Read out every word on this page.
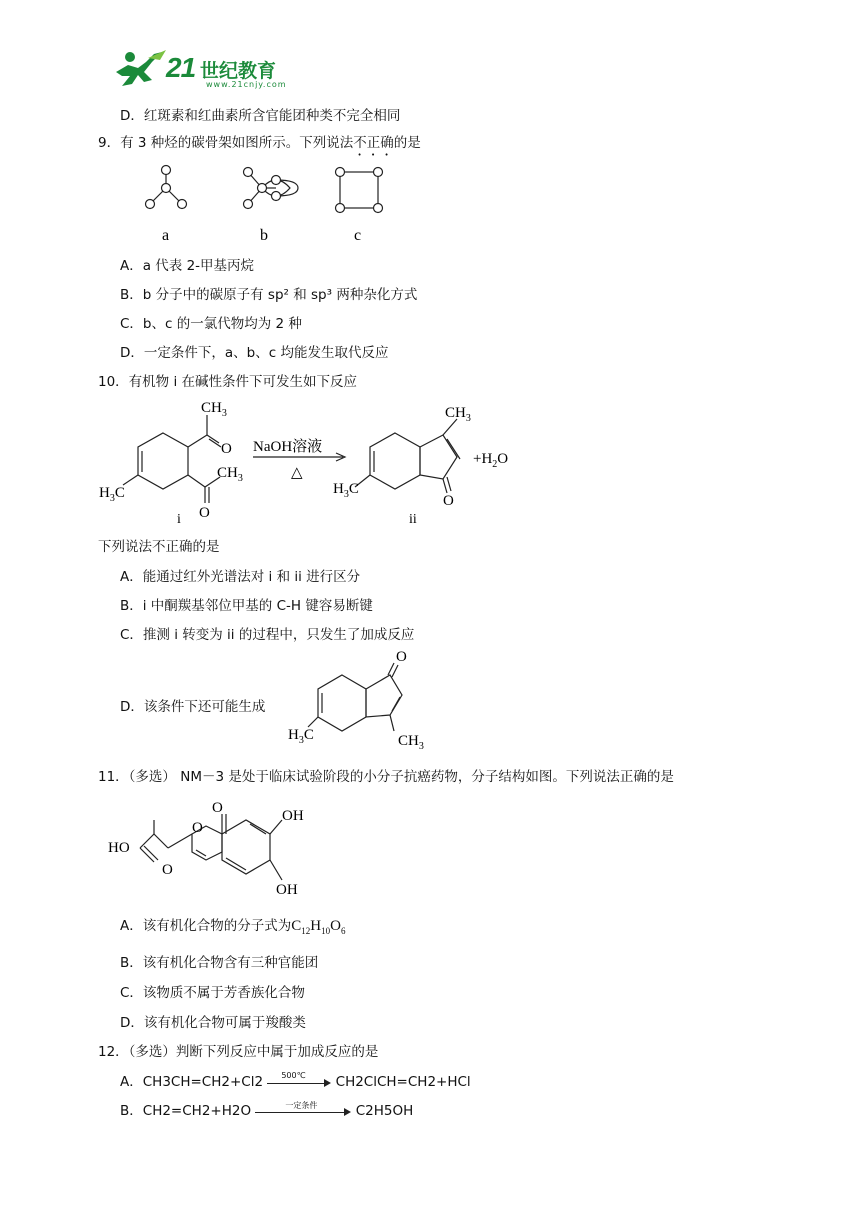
21 世纪教育
www.21cnjy.com
D．红斑素和红曲素所含官能团种类不完全相同
9．有 3 种烃的碳骨架如图所示。下列说法不正确的是
a	b	c
A．a 代表 2-甲基丙烷
B．b 分子中的碳原子有 sp² 和 sp³ 两种杂化方式
C．b、c 的一氯代物均为 2 种
D．一定条件下，a、b、c 均能发生取代反应
10．有机物 i 在碱性条件下可发生如下反应
$CH_3$
O
$CH_3$
O
$H_3C$
NaOH溶液
△
$CH_3$
O
$H_3C$
$+H_2O$
i	ii
下列说法不正确的是
A．能通过红外光谱法对 i 和 ii 进行区分
B．i 中酮羰基邻位甲基的 C-H 键容易断键
C．推测 i 转变为 ii 的过程中，只发生了加成反应
D．该条件下还可能生成
O
$H_3C$	$CH_3$
11．（多选） NM－3 是处于临床试验阶段的小分子抗癌药物，分子结构如图。下列说法正确的是
O
O
OH
HO
O
OH
A．该有机化合物的分子式为$C_{12}H_{10}O_6$
B．该有机化合物含有三种官能团
C．该物质不属于芳香族化合物
D．该有机化合物可属于羧酸类
12．（多选）判断下列反应中属于加成反应的是
A．CH3CH=CH2+Cl2 500℃ CH2ClCH=CH2+HCl
B．CH2=CH2+H2O	一定条件	C2H5OH
